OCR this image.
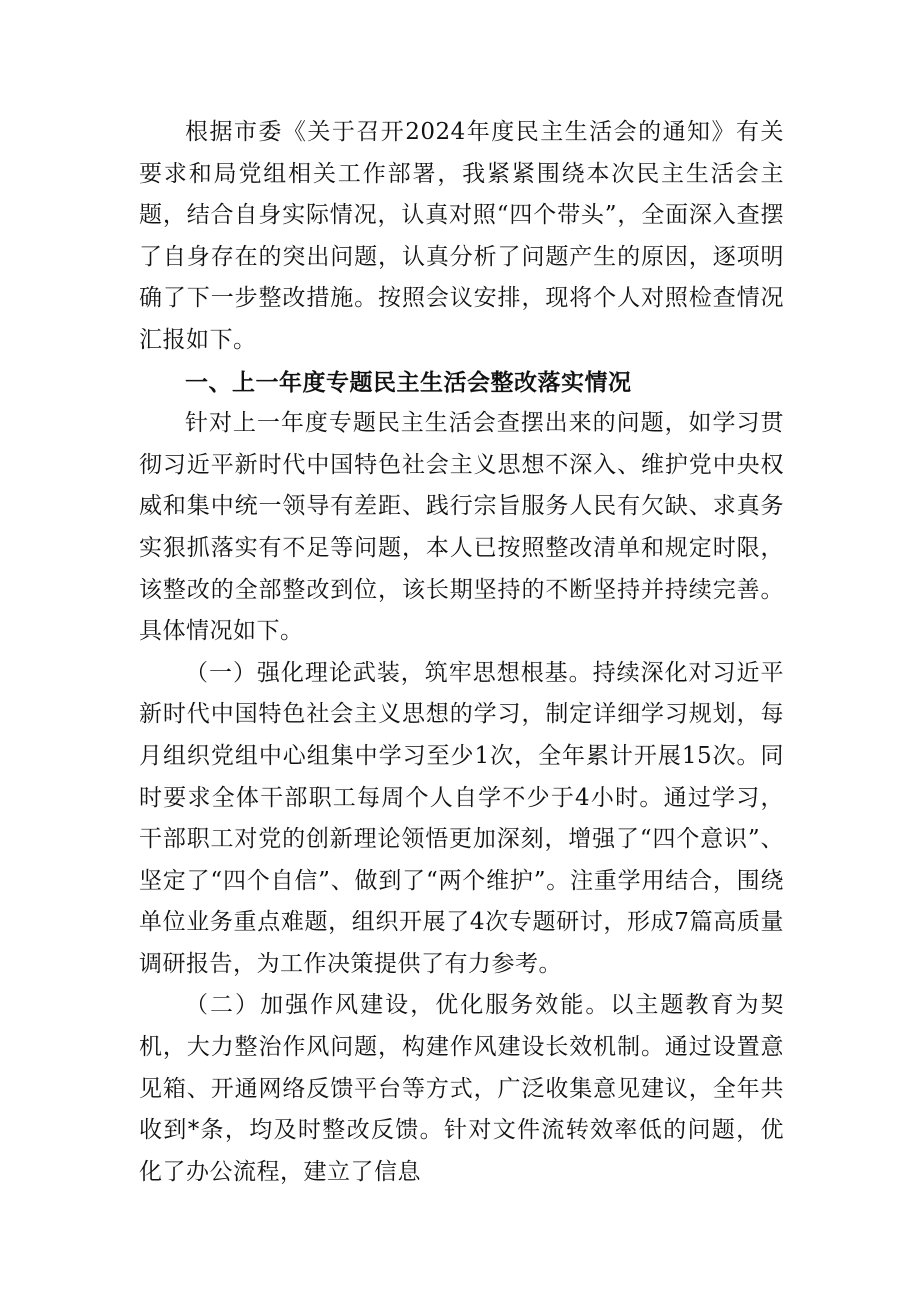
根据市委《关于召开2024年度民主生活会的通知》有关要求和局党组相关工作部署，我紧紧围绕本次民主生活会主题，结合自身实际情况，认真对照“四个带头”，全面深入查摆了自身存在的突出问题，认真分析了问题产生的原因，逐项明确了下一步整改措施。按照会议安排，现将个人对照检查情况汇报如下。

一、上一年度专题民主生活会整改落实情况

针对上一年度专题民主生活会查摆出来的问题，如学习贯彻习近平新时代中国特色社会主义思想不深入、维护党中央权威和集中统一领导有差距、践行宗旨服务人民有欠缺、求真务实狠抓落实有不足等问题，本人已按照整改清单和规定时限，该整改的全部整改到位，该长期坚持的不断坚持并持续完善。具体情况如下。

（一）强化理论武装，筑牢思想根基。持续深化对习近平新时代中国特色社会主义思想的学习，制定详细学习规划，每月组织党组中心组集中学习至少1次，全年累计开展15次。同时要求全体干部职工每周个人自学不少于4小时。通过学习，干部职工对党的创新理论领悟更加深刻，增强了“四个意识”、坚定了“四个自信”、做到了“两个维护”。注重学用结合，围绕单位业务重点难题，组织开展了4次专题研讨，形成7篇高质量调研报告，为工作决策提供了有力参考。

（二）加强作风建设，优化服务效能。以主题教育为契机，大力整治作风问题，构建作风建设长效机制。通过设置意见箱、开通网络反馈平台等方式，广泛收集意见建议，全年共收到*条，均及时整改反馈。针对文件流转效率低的问题，优化了办公流程，建立了信息
